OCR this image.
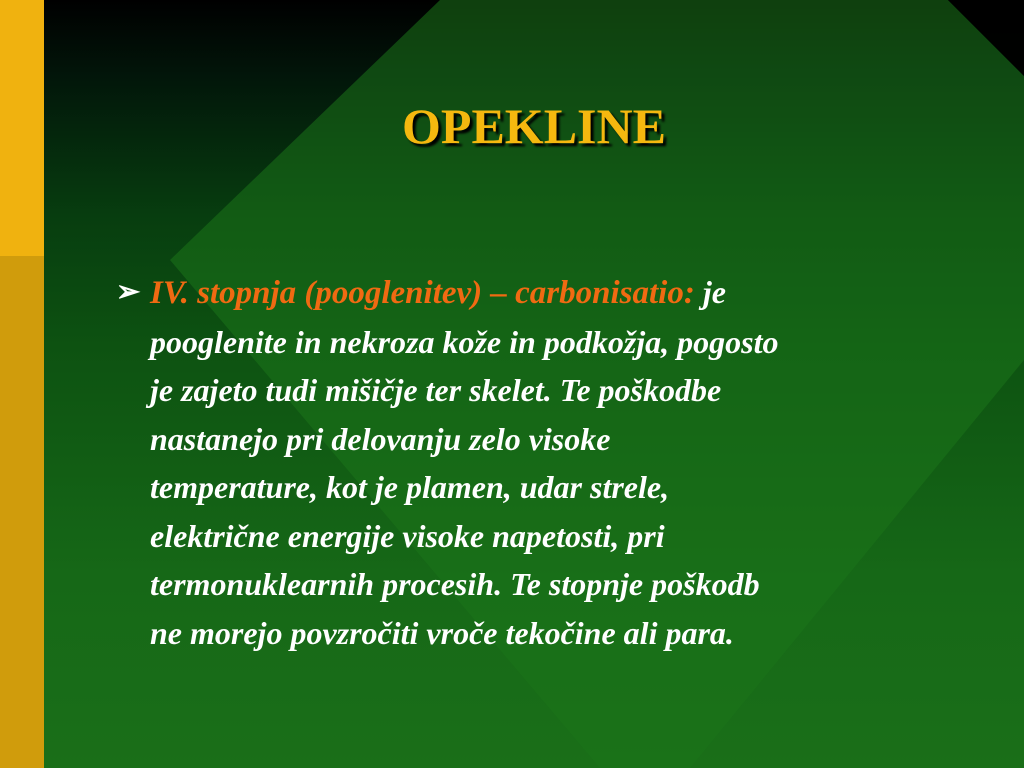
OPEKLINE
➢ IV. stopnja (pooglenitev) – carbonisatio: je
pooglenite in nekroza kože in podkožja, pogosto
je zajeto tudi mišičje ter skelet. Te poškodbe
nastanejo pri delovanju zelo visoke
temperature, kot je plamen, udar strele,
električne energije visoke napetosti, pri
termonuklearnih procesih. Te stopnje poškodb
ne morejo povzročiti vroče tekočine ali para.
